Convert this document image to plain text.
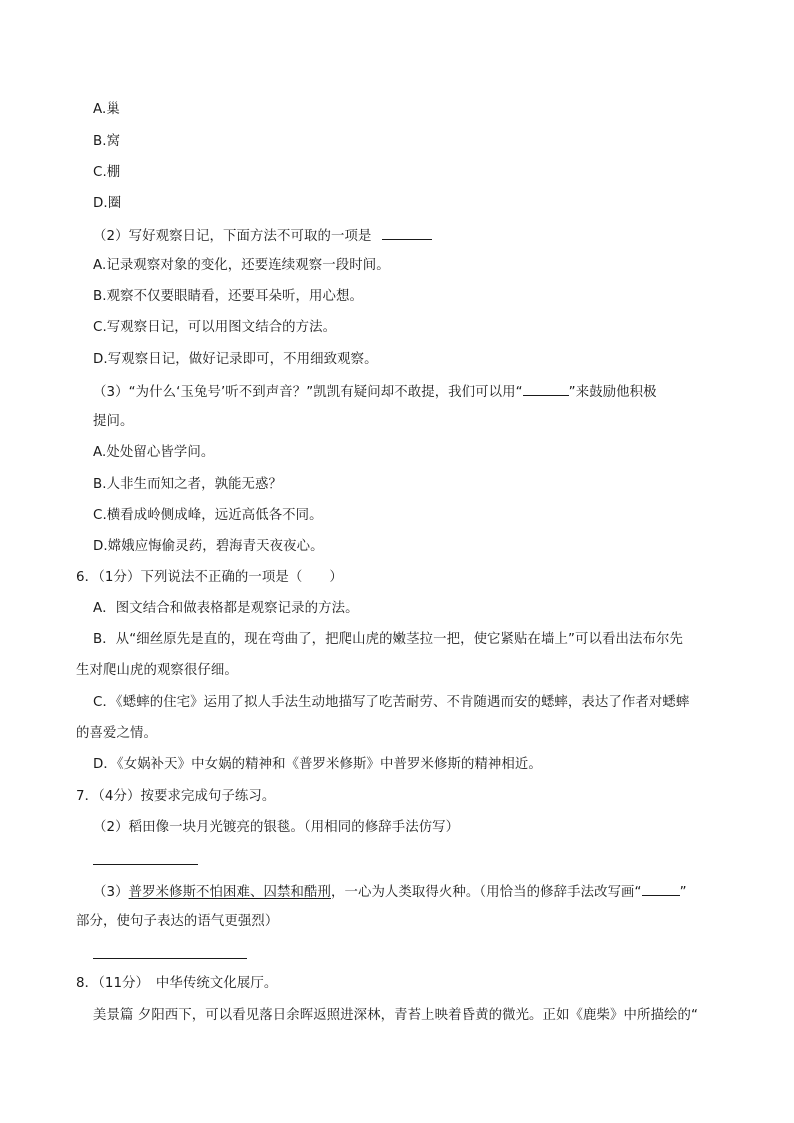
A.巢
B.窝
C.棚
D.圈
（2）写好观察日记，下面方法不可取的一项是
A.记录观察对象的变化，还要连续观察一段时间。
B.观察不仅要眼睛看，还要耳朵听，用心想。
C.写观察日记，可以用图文结合的方法。
D.写观察日记，做好记录即可，不用细致观察。
（3）“为什么‘玉兔号’听不到声音？”凯凯有疑问却不敢提，我们可以用“	”来鼓励他积极
提问。
A.处处留心皆学问。
B.人非生而知之者，孰能无惑？
C.横看成岭侧成峰，远近高低各不同。
D.嫦娥应悔偷灵药，碧海青天夜夜心。
6．（1分）下列说法不正确的一项是（　　）
A．图文结合和做表格都是观察记录的方法。
B．从“细丝原先是直的，现在弯曲了，把爬山虎的嫩茎拉一把，使它紧贴在墙上”可以看出法布尔先
生对爬山虎的观察很仔细。
C．《蟋蟀的住宅》运用了拟人手法生动地描写了吃苦耐劳、不肯随遇而安的蟋蟀，表达了作者对蟋蟀
的喜爱之情。
D．《女娲补天》中女娲的精神和《普罗米修斯》中普罗米修斯的精神相近。
7．（4分）按要求完成句子练习。
（2）稻田像一块月光镀亮的银毯。（用相同的修辞手法仿写）
（3）普罗米修斯不怕困难、囚禁和酷刑，一心为人类取得火种。（用恰当的修辞手法改写画“	”
部分，使句子表达的语气更强烈）
8．（11分）　中华传统文化展厅。
美景篇 夕阳西下，可以看见落日余晖返照进深林，青苔上映着昏黄的微光。正如《鹿柴》中所描绘的“
